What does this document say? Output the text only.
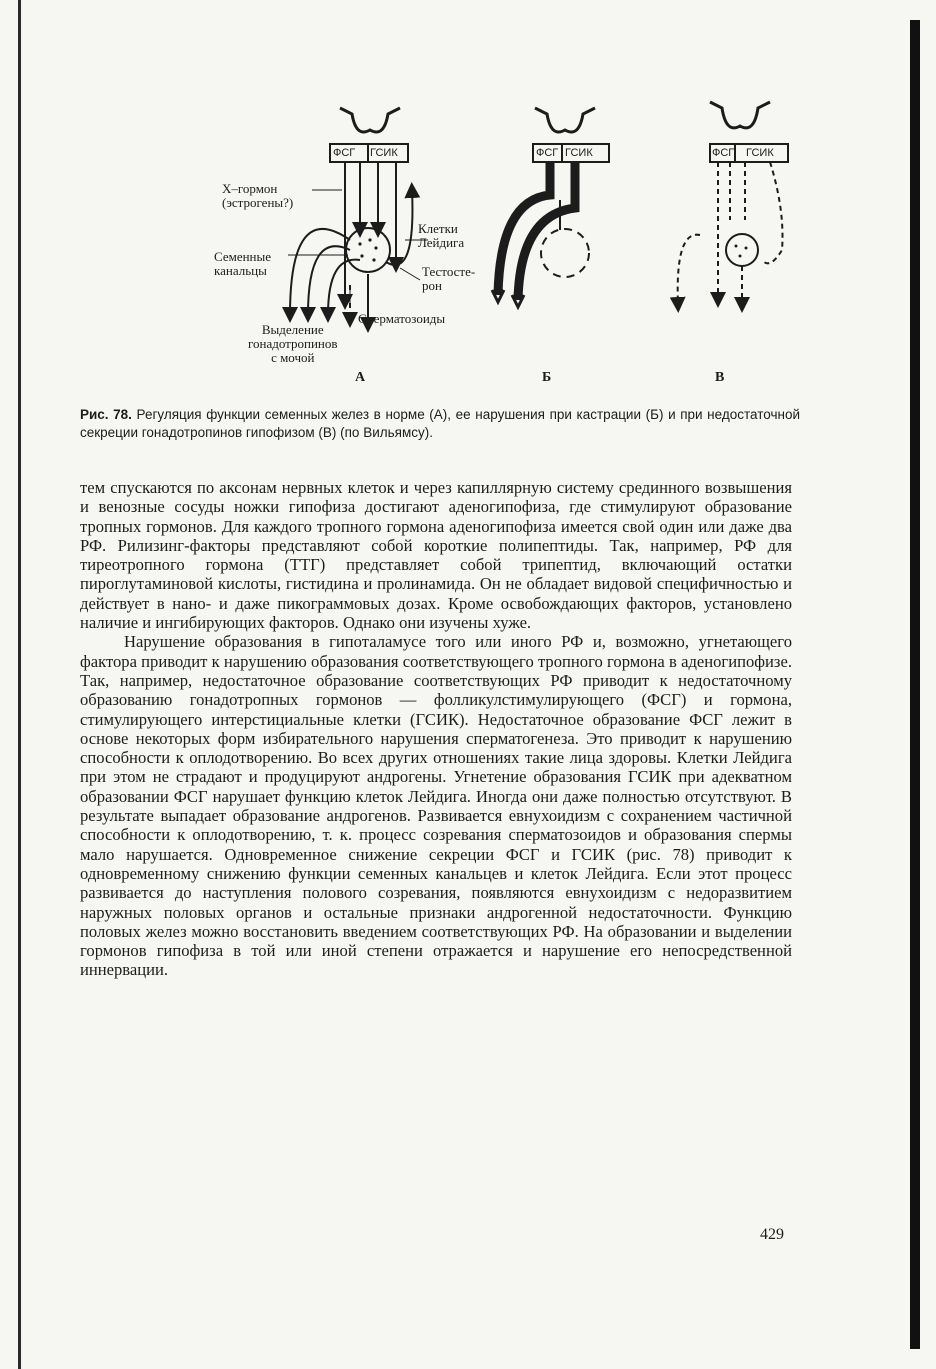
ФСГ ГСИК	ФСГ ГСИК	ФСГ ГСИК
X–гормон
(эстрогены?)
Семенные
канальцы
Выделение
гонадотропинов
с мочой
Клетки
Лейдига
Тестосте-
рон
Сперматозоиды
А	Б	В
Рис. 78. Регуляция функции семенных желез в норме (А), ее нарушения при кастрации (Б) и при недостаточной секреции гонадотропинов гипофизом (В) (по Вильямсу).

тем спускаются по аксонам нервных клеток и через капиллярную систему срединного возвышения и венозные сосуды ножки гипофиза достигают аденогипофиза, где стимулируют образование тропных гормонов. Для каждого тропного гормона аденогипофиза имеется свой один или даже два РФ. Рилизинг-факторы представляют собой короткие полипептиды. Так, например, РФ для тиреотропного гормона (ТТГ) представляет собой трипептид, включающий остатки пироглутаминовой кислоты, гистидина и пролинамида. Он не обладает видовой специфичностью и действует в нано- и даже пикограммовых дозах. Кроме освобождающих факторов, установлено наличие и ингибирующих факторов. Однако они изучены хуже.

Нарушение образования в гипоталамусе того или иного РФ и, возможно, угнетающего фактора приводит к нарушению образования соответствующего тропного гормона в аденогипофизе. Так, например, недостаточное образование соответствующих РФ приводит к недостаточному образованию гонадотропных гормонов — фолликулстимулирующего (ФСГ) и гормона, стимулирующего интерстициальные клетки (ГСИК). Недостаточное образование ФСГ лежит в основе некоторых форм избирательного нарушения сперматогенеза. Это приводит к нарушению способности к оплодотворению. Во всех других отношениях такие лица здоровы. Клетки Лейдига при этом не страдают и продуцируют андрогены. Угнетение образования ГСИК при адекватном образовании ФСГ нарушает функцию клеток Лейдига. Иногда они даже полностью отсутствуют. В результате выпадает образование андрогенов. Развивается евнухоидизм с сохранением частичной способности к оплодотворению, т. к. процесс созревания сперматозоидов и образования спермы мало нарушается. Одновременное снижение секреции ФСГ и ГСИК (рис. 78) приводит к одновременному снижению функции семенных канальцев и клеток Лейдига. Если этот процесс развивается до наступления полового созревания, появляются евнухоидизм с недоразвитием наружных половых органов и остальные признаки андрогенной недостаточности. Функцию половых желез можно восстановить введением соответствующих РФ. На образовании и выделении гормонов гипофиза в той или иной степени отражается и нарушение его непосредственной иннервации.

429
